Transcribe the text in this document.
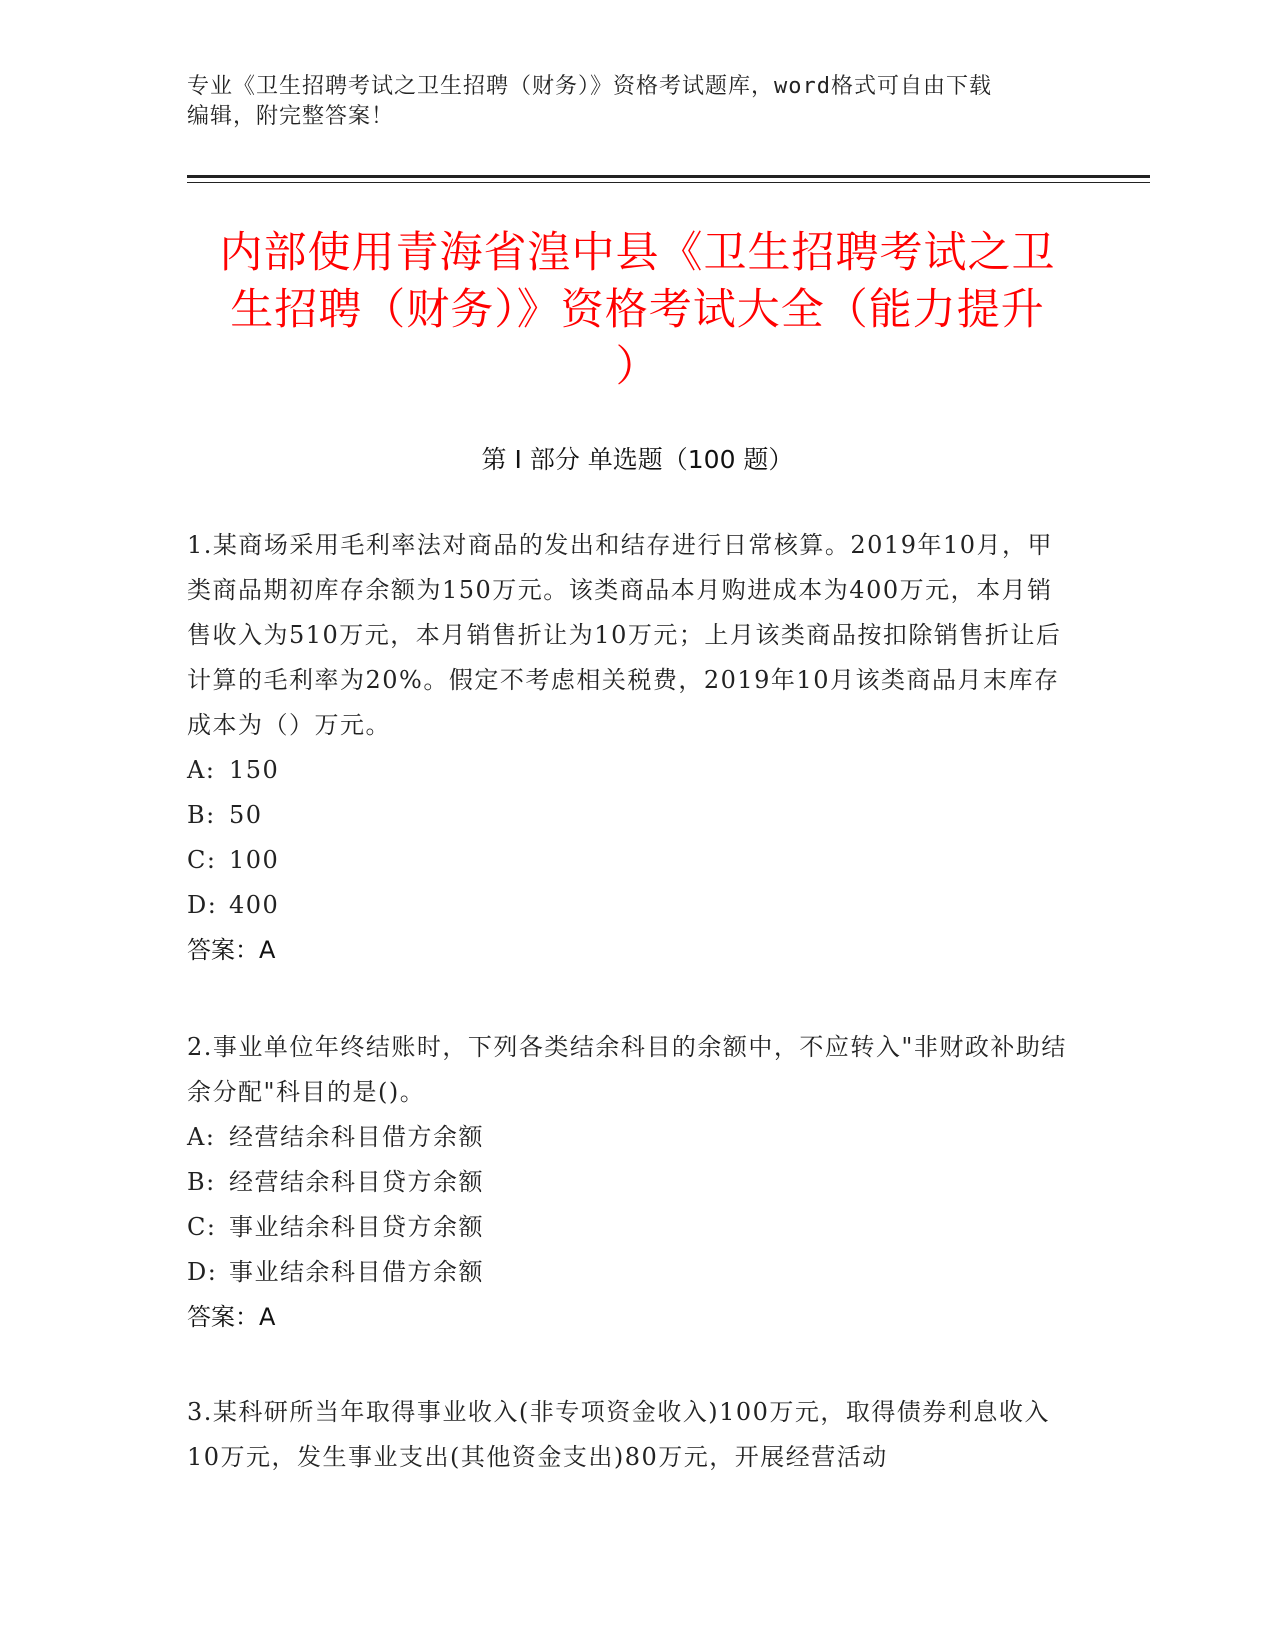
专业《卫生招聘考试之卫生招聘（财务）》资格考试题库，word格式可自由下载
编辑，附完整答案！
内部使用青海省湟中县《卫生招聘考试之卫
生招聘（财务）》资格考试大全（能力提升
）
第 I 部分 单选题（100 题）

1.某商场采用毛利率法对商品的发出和结存进行日常核算。2019年10月，甲类商品期初库存余额为150万元。该类商品本月购进成本为400万元，本月销售收入为510万元，本月销售折让为10万元；上月该类商品按扣除销售折让后计算的毛利率为20%。假定不考虑相关税费，2019年10月该类商品月末库存成本为（）万元。

A: 150

B: 50

C: 100

D: 400

答案：A

2.事业单位年终结账时，下列各类结余科目的余额中，不应转入"非财政补助结余分配"科目的是()。

A: 经营结余科目借方余额

B: 经营结余科目贷方余额

C: 事业结余科目贷方余额

D: 事业结余科目借方余额

答案：A

3.某科研所当年取得事业收入(非专项资金收入)100万元，取得债券利息收入10万元，发生事业支出(其他资金支出)80万元，开展经营活动
